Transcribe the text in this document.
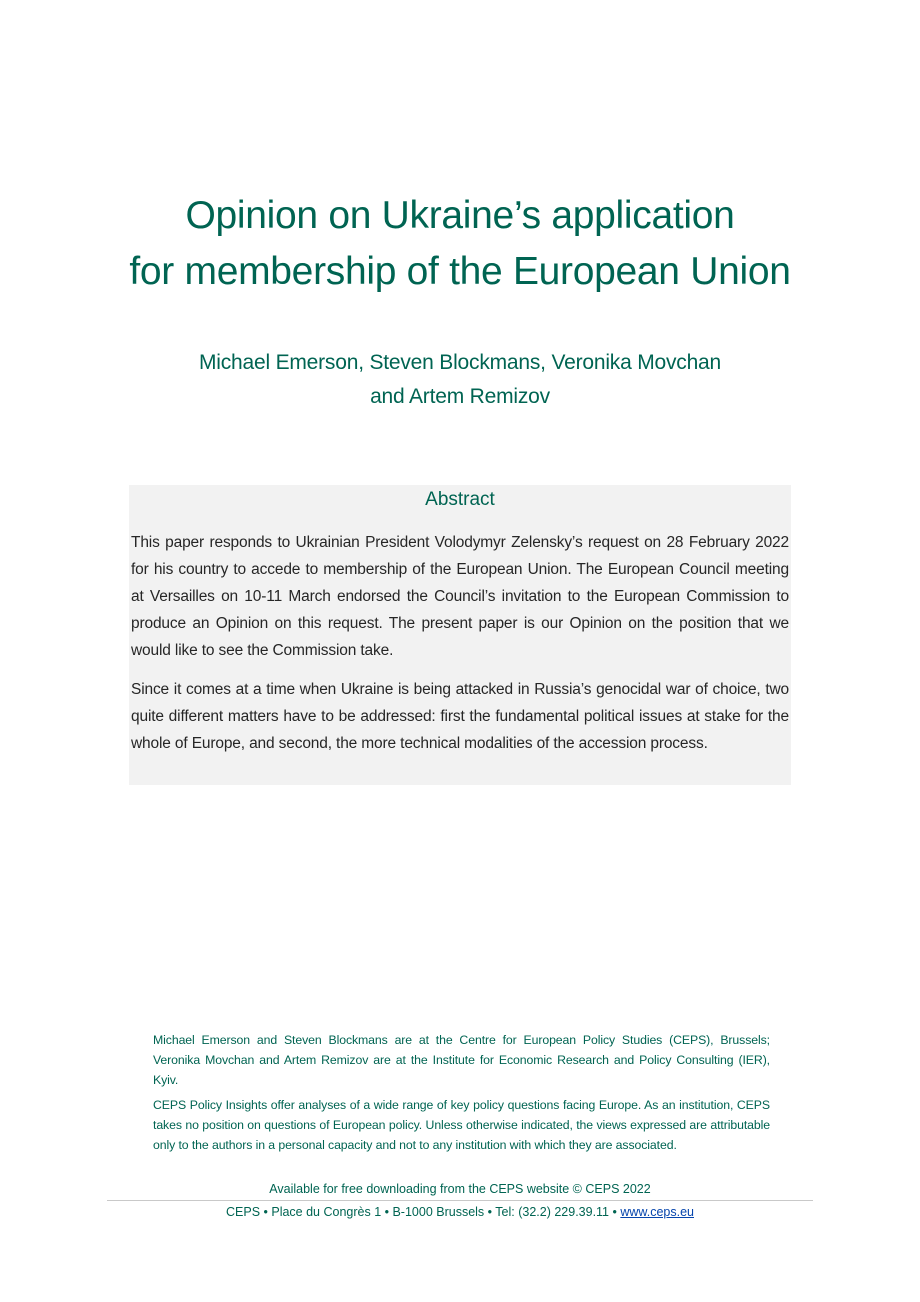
Opinion on Ukraine’s application
for membership of the European Union
Michael Emerson, Steven Blockmans, Veronika Movchan
and Artem Remizov
Abstract

This paper responds to Ukrainian President Volodymyr Zelensky’s request on 28 February 2022 for his country to accede to membership of the European Union. The European Council meeting at Versailles on 10-11 March endorsed the Council’s invitation to the European Commission to produce an Opinion on this request. The present paper is our Opinion on the position that we would like to see the Commission take.

Since it comes at a time when Ukraine is being attacked in Russia’s genocidal war of choice, two quite different matters have to be addressed: first the fundamental political issues at stake for the whole of Europe, and second, the more technical modalities of the accession process.

Michael Emerson and Steven Blockmans are at the Centre for European Policy Studies (CEPS), Brussels; Veronika Movchan and Artem Remizov are at the Institute for Economic Research and Policy Consulting (IER), Kyiv.

CEPS Policy Insights offer analyses of a wide range of key policy questions facing Europe. As an institution, CEPS takes no position on questions of European policy. Unless otherwise indicated, the views expressed are attributable only to the authors in a personal capacity and not to any institution with which they are associated.

Available for free downloading from the CEPS website © CEPS 2022
CEPS • Place du Congrès 1 • B-1000 Brussels • Tel: (32.2) 229.39.11 • www.ceps.eu
